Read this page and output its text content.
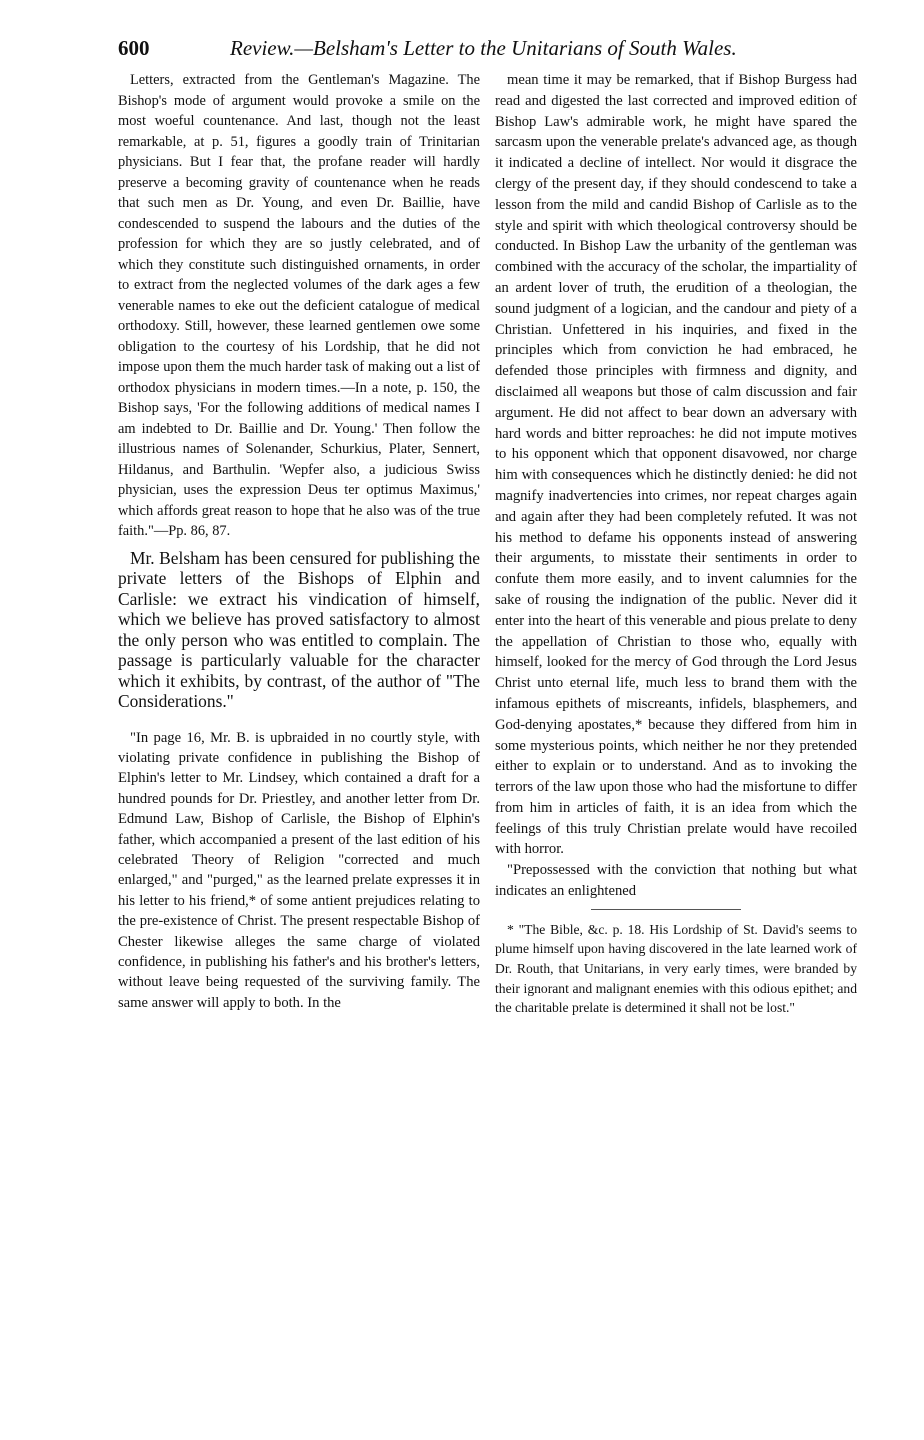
600	Review.—Belsham's Letter to the Unitarians of South Wales.

Letters, extracted from the Gentleman's Magazine. The Bishop's mode of argument would provoke a smile on the most woeful countenance. And last, though not the least remarkable, at p. 51, figures a goodly train of Trinitarian physicians. But I fear that, the profane reader will hardly preserve a becoming gravity of countenance when he reads that such men as Dr. Young, and even Dr. Baillie, have condescended to suspend the labours and the duties of the profession for which they are so justly celebrated, and of which they constitute such distinguished ornaments, in order to extract from the neglected volumes of the dark ages a few venerable names to eke out the deficient catalogue of medical orthodoxy. Still, however, these learned gentlemen owe some obligation to the courtesy of his Lordship, that he did not impose upon them the much harder task of making out a list of orthodox physicians in modern times.—In a note, p. 150, the Bishop says, 'For the following additions of medical names I am indebted to Dr. Baillie and Dr. Young.' Then follow the illustrious names of Solenander, Schurkius, Plater, Sennert, Hildanus, and Barthulin. 'Wepfer also, a judicious Swiss physician, uses the expression Deus ter optimus Maximus,' which affords great reason to hope that he also was of the true faith."—Pp. 86, 87.

Mr. Belsham has been censured for publishing the private letters of the Bishops of Elphin and Carlisle: we extract his vindication of himself, which we believe has proved satisfactory to almost the only person who was entitled to complain. The passage is particularly valuable for the character which it exhibits, by contrast, of the author of "The Considerations."

"In page 16, Mr. B. is upbraided in no courtly style, with violating private confidence in publishing the Bishop of Elphin's letter to Mr. Lindsey, which contained a draft for a hundred pounds for Dr. Priestley, and another letter from Dr. Edmund Law, Bishop of Carlisle, the Bishop of Elphin's father, which accompanied a present of the last edition of his celebrated Theory of Religion "corrected and much enlarged," and "purged," as the learned prelate expresses it in his letter to his friend,* of some antient prejudices relating to the pre-existence of Christ. The present respectable Bishop of Chester likewise alleges the same charge of violated confidence, in publishing his father's and his brother's letters, without leave being requested of the surviving family. The same answer will apply to both. In the

mean time it may be remarked, that if Bishop Burgess had read and digested the last corrected and improved edition of Bishop Law's admirable work, he might have spared the sarcasm upon the venerable prelate's advanced age, as though it indicated a decline of intellect. Nor would it disgrace the clergy of the present day, if they should condescend to take a lesson from the mild and candid Bishop of Carlisle as to the style and spirit with which theological controversy should be conducted. In Bishop Law the urbanity of the gentleman was combined with the accuracy of the scholar, the impartiality of an ardent lover of truth, the erudition of a theologian, the sound judgment of a logician, and the candour and piety of a Christian. Unfettered in his inquiries, and fixed in the principles which from conviction he had embraced, he defended those principles with firmness and dignity, and disclaimed all weapons but those of calm discussion and fair argument. He did not affect to bear down an adversary with hard words and bitter reproaches: he did not impute motives to his opponent which that opponent disavowed, nor charge him with consequences which he distinctly denied: he did not magnify inadvertencies into crimes, nor repeat charges again and again after they had been completely refuted. It was not his method to defame his opponents instead of answering their arguments, to misstate their sentiments in order to confute them more easily, and to invent calumnies for the sake of rousing the indignation of the public. Never did it enter into the heart of this venerable and pious prelate to deny the appellation of Christian to those who, equally with himself, looked for the mercy of God through the Lord Jesus Christ unto eternal life, much less to brand them with the infamous epithets of miscreants, infidels, blasphemers, and God-denying apostates,* because they differed from him in some mysterious points, which neither he nor they pretended either to explain or to understand. And as to invoking the terrors of the law upon those who had the misfortune to differ from him in articles of faith, it is an idea from which the feelings of this truly Christian prelate would have recoiled with horror.

"Prepossessed with the conviction that nothing but what indicates an enlightened

* "The Bible, &c. p. 18. His Lordship of St. David's seems to plume himself upon having discovered in the late learned work of Dr. Routh, that Unitarians, in very early times, were branded by their ignorant and malignant enemies with this odious epithet; and the charitable prelate is determined it shall not be lost."
